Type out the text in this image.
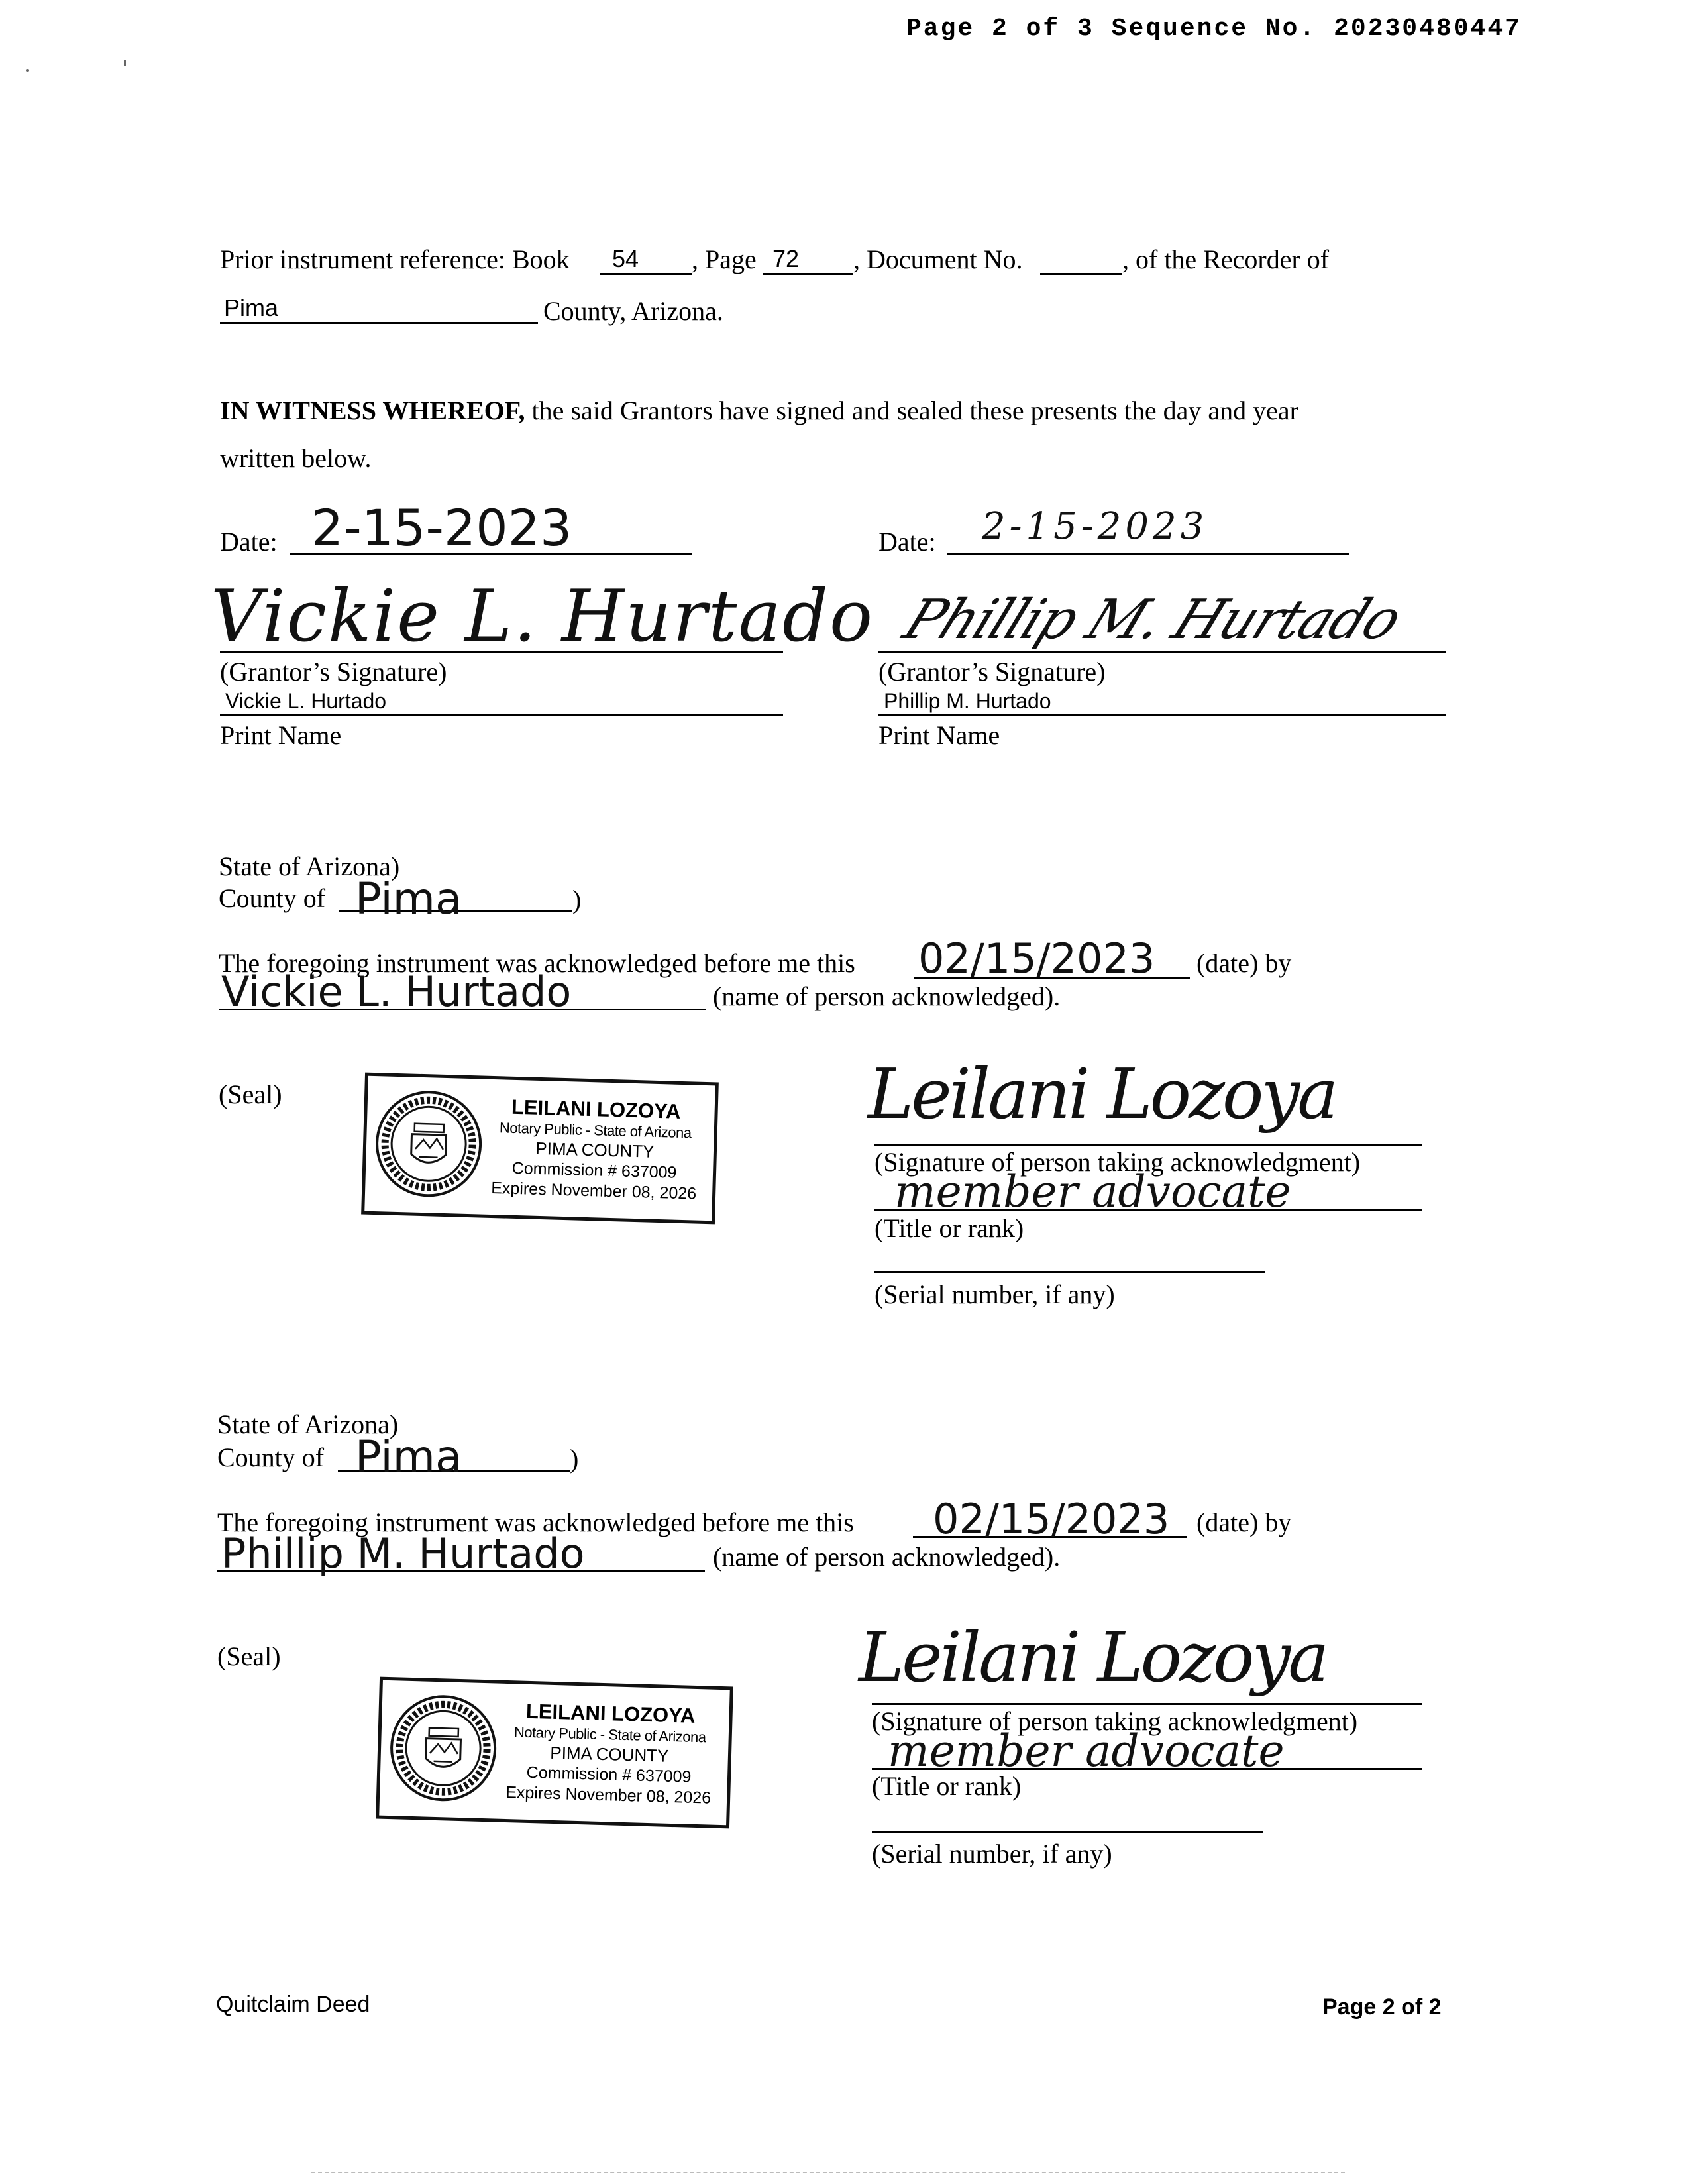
Page 2 of 3 Sequence No. 20230480447
Prior instrument reference: Book 54 , Page 72 , Document No.	, of the Recorder of
Pima	County, Arizona.
IN WITNESS WHEREOF, the said Grantors have signed and sealed these presents the day and year
written below.
Date: 2-15-2023
Vickie L. Hurtado
(Grantor’s Signature)
Vickie L. Hurtado
Print Name
Date: 2-15-2023
Phillip M. Hurtado
(Grantor’s Signature)
Phillip M. Hurtado
Print Name
State of Arizona)
County of Pima	)
The foregoing instrument was acknowledged before me this 02/15/2023 (date) by
Vickie L. Hurtado	(name of person acknowledged).
(Seal)	LEILANI LOZOYA
Notary Public - State of Arizona
PIMA COUNTY
Commission # 637009
Expires November 08, 2026
Leilani Lozoya
(Signature of person taking acknowledgment)
member advocate
(Title or rank)
(Serial number, if any)
State of Arizona)
County of Pima	)
The foregoing instrument was acknowledged before me this 02/15/2023 (date) by
Phillip M. Hurtado	(name of person acknowledged).
(Seal)
LEILANI LOZOYA
Notary Public - State of Arizona
PIMA COUNTY
Commission # 637009
Expires November 08, 2026
Leilani Lozoya
(Signature of person taking acknowledgment)
member advocate
(Title or rank)
(Serial number, if any)
Quitclaim Deed	Page 2 of 2
